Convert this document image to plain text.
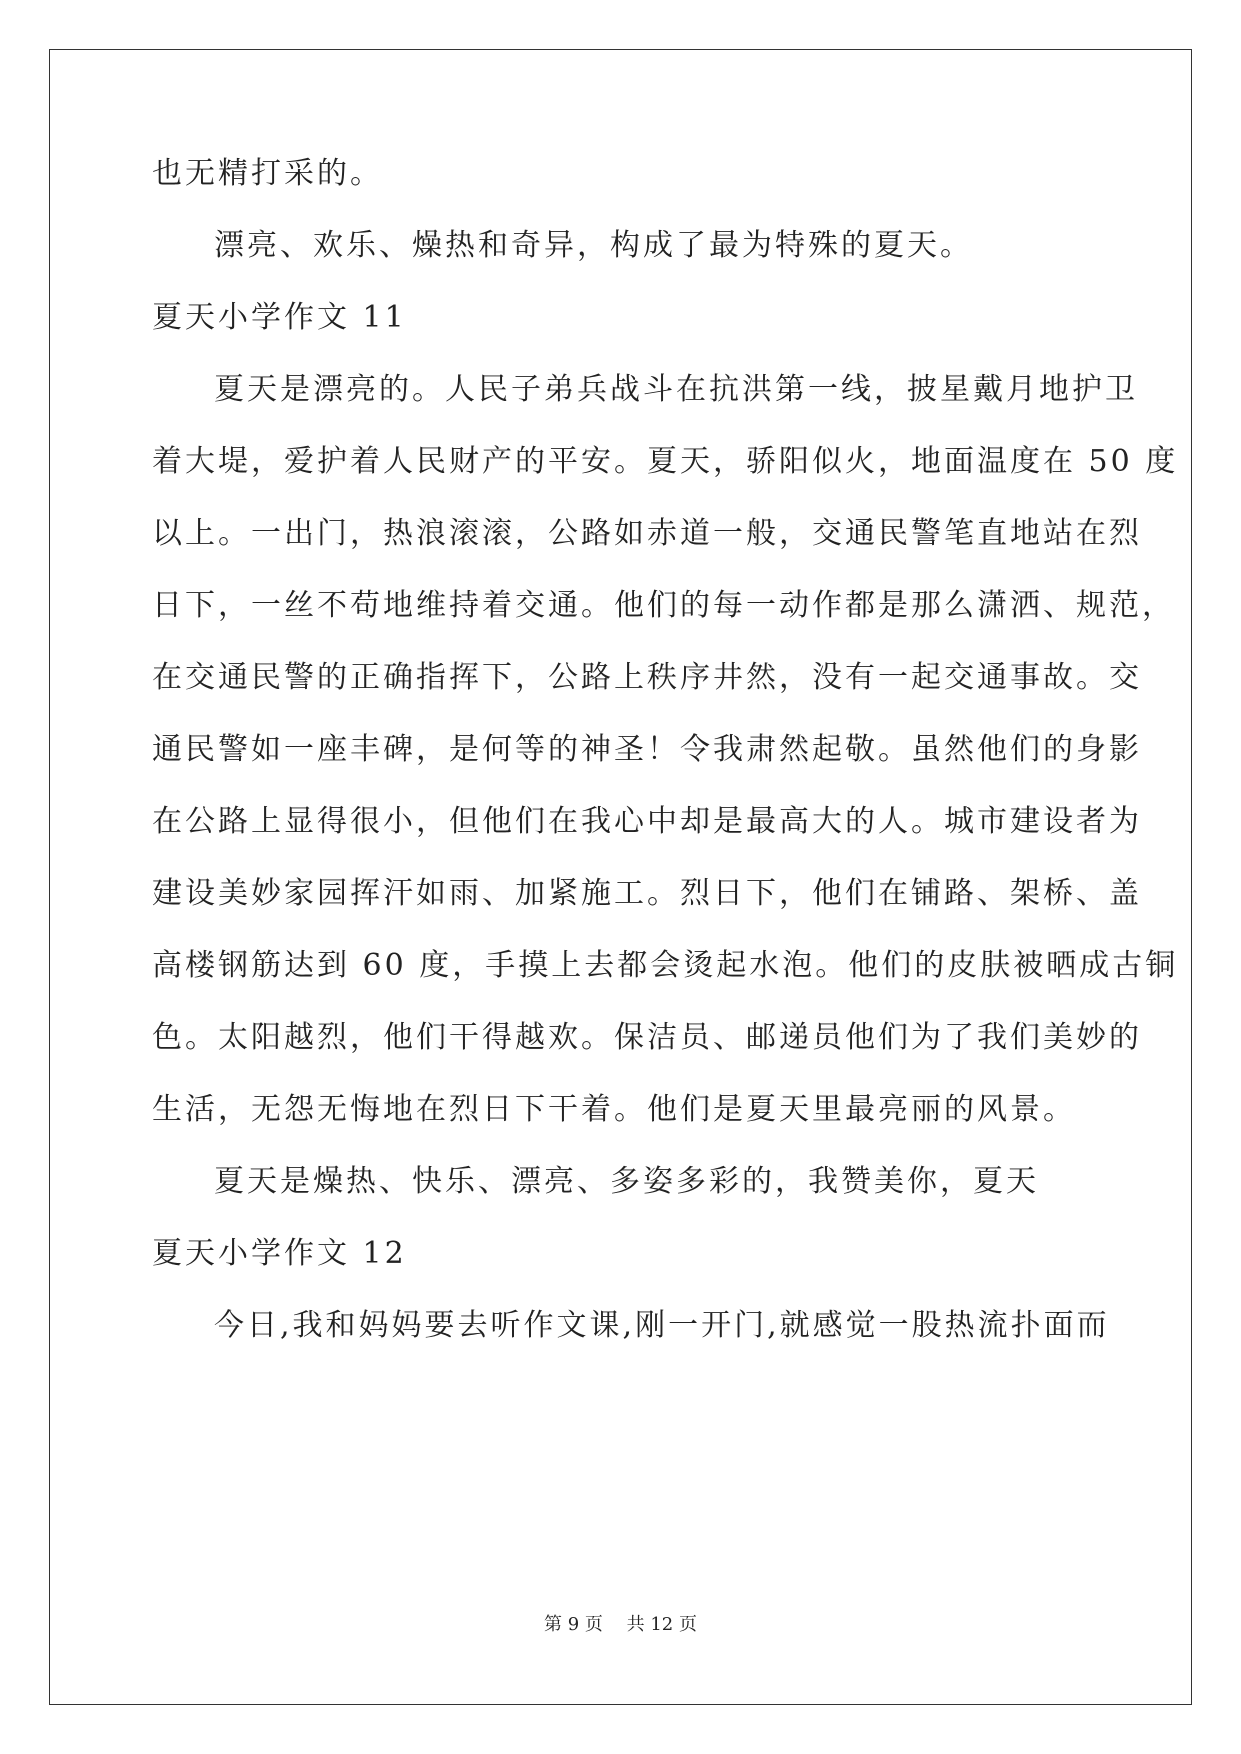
也无精打采的。
漂亮、欢乐、燥热和奇异，构成了最为特殊的夏天。
夏天小学作文 11
夏天是漂亮的。人民子弟兵战斗在抗洪第一线，披星戴月地护卫
着大堤，爱护着人民财产的平安。夏天，骄阳似火，地面温度在 50 度
以上。一出门，热浪滚滚，公路如赤道一般，交通民警笔直地站在烈
日下，一丝不苟地维持着交通。他们的每一动作都是那么潇洒、规范，
在交通民警的正确指挥下，公路上秩序井然，没有一起交通事故。交
通民警如一座丰碑，是何等的神圣！令我肃然起敬。虽然他们的身影
在公路上显得很小，但他们在我心中却是最高大的人。城市建设者为
建设美妙家园挥汗如雨、加紧施工。烈日下，他们在铺路、架桥、盖
高楼钢筋达到 60 度，手摸上去都会烫起水泡。他们的皮肤被晒成古铜
色。太阳越烈，他们干得越欢。保洁员、邮递员他们为了我们美妙的
生活，无怨无悔地在烈日下干着。他们是夏天里最亮丽的风景。
夏天是燥热、快乐、漂亮、多姿多彩的，我赞美你，夏天
夏天小学作文 12
今日,我和妈妈要去听作文课,刚一开门,就感觉一股热流扑面而
第 9 页　 共 12 页
